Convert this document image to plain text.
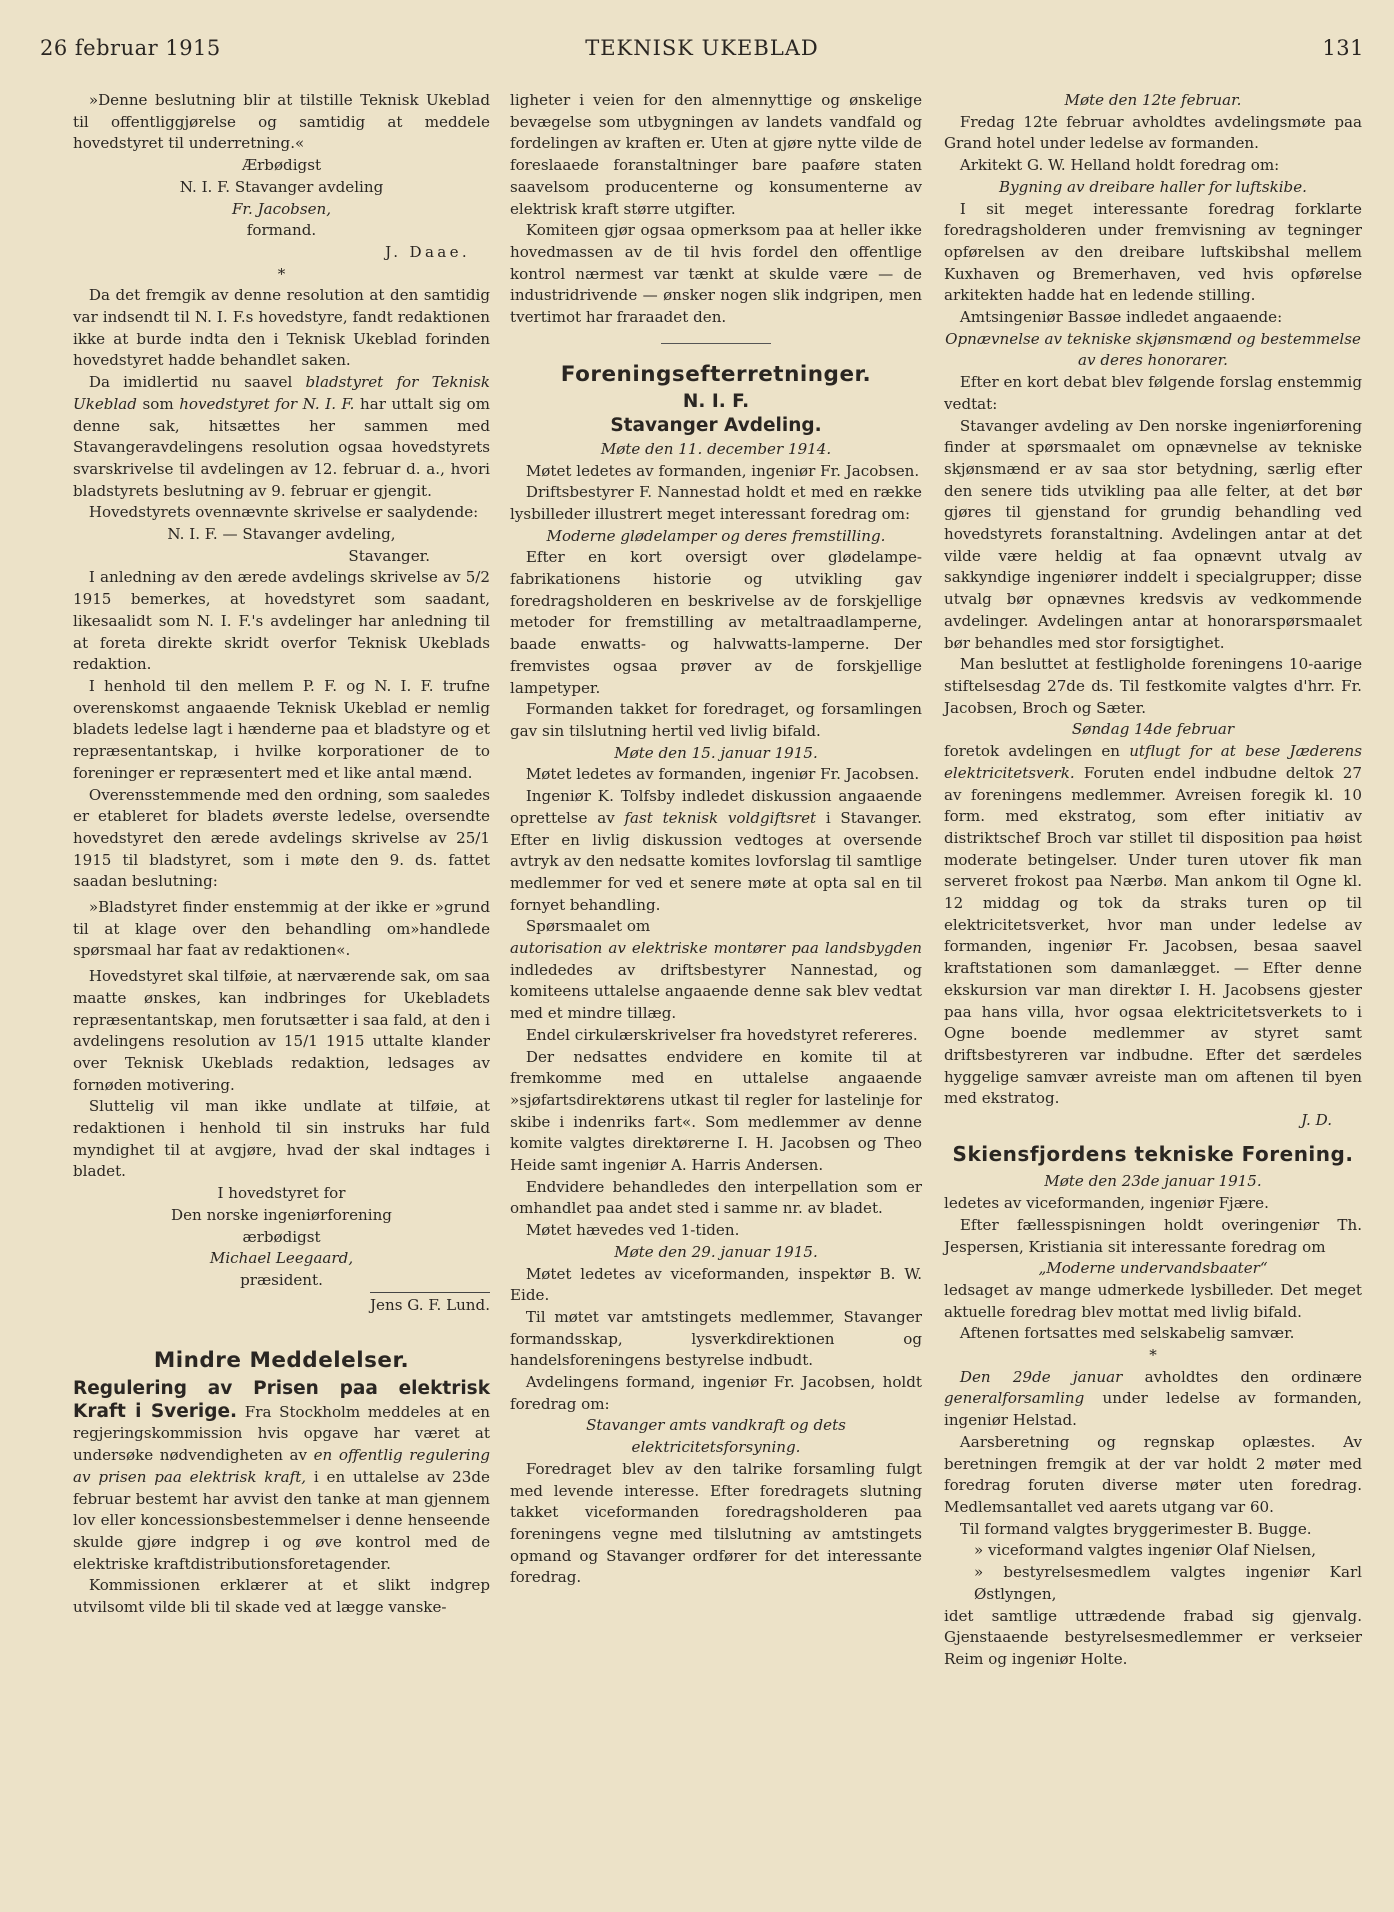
26 februar 1915	TEKNISK UKEBLAD	131

»Denne beslutning blir at tilstille Teknisk Ukeblad til offentliggjørelse og samtidig at meddele hovedstyret til underretning.«

Ærbødigst

N. I. F. Stavanger avdeling

Fr. Jacobsen,

formand.

J. Daae.

*

Da det fremgik av denne resolution at den samtidig var indsendt til N. I. F.s hovedstyre, fandt redaktionen ikke at burde indta den i Teknisk Ukeblad forinden hovedstyret hadde behandlet saken.

Da imidlertid nu saavel bladstyret for Teknisk Ukeblad som hovedstyret for N. I. F. har uttalt sig om denne sak, hitsættes her sammen med Stavangeravdelingens resolution ogsaa hovedstyrets svarskrivelse til avdelingen av 12. februar d. a., hvori bladstyrets beslutning av 9. februar er gjengit.

Hovedstyrets ovennævnte skrivelse er saalydende:

N. I. F. — Stavanger avdeling,

Stavanger.

I anledning av den ærede avdelings skrivelse av 5/2 1915 bemerkes, at hovedstyret som saadant, likesaalidt som N. I. F.'s avdelinger har anledning til at foreta direkte skridt overfor Teknisk Ukeblads redaktion.

I henhold til den mellem P. F. og N. I. F. trufne overenskomst angaaende Teknisk Ukeblad er nemlig bladets ledelse lagt i hænderne paa et bladstyre og et repræsentantskap, i hvilke korporationer de to foreninger er repræsentert med et like antal mænd.

Overensstemmende med den ordning, som saaledes er etableret for bladets øverste ledelse, oversendte hovedstyret den ærede avdelings skrivelse av 25/1 1915 til bladstyret, som i møte den 9. ds. fattet saadan beslutning:

»Bladstyret finder enstemmig at der ikke er »grund til at klage over den behandling om»handlede spørsmaal har faat av redaktionen«.

Hovedstyret skal tilføie, at nærværende sak, om saa maatte ønskes, kan indbringes for Ukebladets repræsentantskap, men forutsætter i saa fald, at den i avdelingens resolution av 15/1 1915 uttalte klander over Teknisk Ukeblads redaktion, ledsages av fornøden motivering.

Sluttelig vil man ikke undlate at tilføie, at redaktionen i henhold til sin instruks har fuld myndighet til at avgjøre, hvad der skal indtages i bladet.

I hovedstyret for

Den norske ingeniørforening

ærbødigst

Michael Leegaard,

præsident.

Jens G. F. Lund.

Mindre Meddelelser.

Regulering av Prisen paa elektrisk Kraft i Sverige. Fra Stockholm meddeles at en regjeringskommission hvis opgave har været at undersøke nødvendigheten av en offentlig regulering av prisen paa elektrisk kraft, i en uttalelse av 23de februar bestemt har avvist den tanke at man gjennem lov eller koncessionsbestemmelser i denne henseende skulde gjøre indgrep i og øve kontrol med de elektriske kraftdistributionsforetagender.

Kommissionen erklærer at et slikt indgrep utvilsomt vilde bli til skade ved at lægge vanske-

ligheter i veien for den almennyttige og ønskelige bevægelse som utbygningen av landets vandfald og fordelingen av kraften er. Uten at gjøre nytte vilde de foreslaaede foranstaltninger bare paaføre staten saavelsom producenterne og konsumenterne av elektrisk kraft større utgifter.

Komiteen gjør ogsaa opmerksom paa at heller ikke hovedmassen av de til hvis fordel den offentlige kontrol nærmest var tænkt at skulde være — de industridrivende — ønsker nogen slik indgripen, men tvertimot har fraraadet den.

Foreningsefterretninger.
N. I. F.
Stavanger Avdeling.

Møte den 11. december 1914.

Møtet ledetes av formanden, ingeniør Fr. Jacobsen.

Driftsbestyrer F. Nannestad holdt et med en række lysbilleder illustrert meget interessant foredrag om:

Moderne glødelamper og deres fremstilling.

Efter en kort oversigt over glødelampe-fabrikationens historie og utvikling gav foredragsholderen en beskrivelse av de forskjellige metoder for fremstilling av metaltraadlamperne, baade enwatts- og halvwatts-lamperne. Der fremvistes ogsaa prøver av de forskjellige lampetyper.

Formanden takket for foredraget, og forsamlingen gav sin tilslutning hertil ved livlig bifald.

Møte den 15. januar 1915.

Møtet ledetes av formanden, ingeniør Fr. Jacobsen.

Ingeniør K. Tolfsby indledet diskussion angaaende oprettelse av fast teknisk voldgiftsret i Stavanger. Efter en livlig diskussion vedtoges at oversende avtryk av den nedsatte komites lovforslag til samtlige medlemmer for ved et senere møte at opta sal en til fornyet behandling.

Spørsmaalet om

autorisation av elektriske montører paa landsbygden indlededes av driftsbestyrer Nannestad, og komiteens uttalelse angaaende denne sak blev vedtat med et mindre tillæg.

Endel cirkulærskrivelser fra hovedstyret refereres.

Der nedsattes endvidere en komite til at fremkomme med en uttalelse angaaende »sjøfartsdirektørens utkast til regler for lastelinje for skibe i indenriks fart«. Som medlemmer av denne komite valgtes direktørerne I. H. Jacobsen og Theo Heide samt ingeniør A. Harris Andersen.

Endvidere behandledes den interpellation som er omhandlet paa andet sted i samme nr. av bladet.

Møtet hævedes ved 1-tiden.

Møte den 29. januar 1915.

Møtet ledetes av viceformanden, inspektør B. W. Eide.

Til møtet var amtstingets medlemmer, Stavanger formandsskap, lysverkdirektionen og handelsforeningens bestyrelse indbudt.

Avdelingens formand, ingeniør Fr. Jacobsen, holdt foredrag om:

Stavanger amts vandkraft og dets

elektricitetsforsyning.

Foredraget blev av den talrike forsamling fulgt med levende interesse. Efter foredragets slutning takket viceformanden foredragsholderen paa foreningens vegne med tilslutning av amtstingets opmand og Stavanger ordfører for det interessante foredrag.

Møte den 12te februar.

Fredag 12te februar avholdtes avdelingsmøte paa Grand hotel under ledelse av formanden.

Arkitekt G. W. Helland holdt foredrag om:

Bygning av dreibare haller for luftskibe.

I sit meget interessante foredrag forklarte foredragsholderen under fremvisning av tegninger opførelsen av den dreibare luftskibshal mellem Kuxhaven og Bremerhaven, ved hvis opførelse arkitekten hadde hat en ledende stilling.

Amtsingeniør Bassøe indledet angaaende:

Opnævnelse av tekniske skjønsmænd og bestemmelse

av deres honorarer.

Efter en kort debat blev følgende forslag enstemmig vedtat:

Stavanger avdeling av Den norske ingeniørforening finder at spørsmaalet om opnævnelse av tekniske skjønsmænd er av saa stor betydning, særlig efter den senere tids utvikling paa alle felter, at det bør gjøres til gjenstand for grundig behandling ved hovedstyrets foranstaltning. Avdelingen antar at det vilde være heldig at faa opnævnt utvalg av sakkyndige ingeniører inddelt i specialgrupper; disse utvalg bør opnævnes kredsvis av vedkommende avdelinger. Avdelingen antar at honorarspørsmaalet bør behandles med stor forsigtighet.

Man besluttet at festligholde foreningens 10-aarige stiftelsesdag 27de ds. Til festkomite valgtes d'hrr. Fr. Jacobsen, Broch og Sæter.

Søndag 14de februar

foretok avdelingen en utflugt for at bese Jæderens elektricitetsverk. Foruten endel indbudne deltok 27 av foreningens medlemmer. Avreisen foregik kl. 10 form. med ekstratog, som efter initiativ av distriktschef Broch var stillet til disposition paa høist moderate betingelser. Under turen utover fik man serveret frokost paa Nærbø. Man ankom til Ogne kl. 12 middag og tok da straks turen op til elektricitetsverket, hvor man under ledelse av formanden, ingeniør Fr. Jacobsen, besaa saavel kraftstationen som damanlægget. — Efter denne ekskursion var man direktør I. H. Jacobsens gjester paa hans villa, hvor ogsaa elektricitetsverkets to i Ogne boende medlemmer av styret samt driftsbestyreren var indbudne. Efter det særdeles hyggelige samvær avreiste man om aftenen til byen med ekstratog.

J. D.

Skiensfjordens tekniske Forening.

Møte den 23de januar 1915.

ledetes av viceformanden, ingeniør Fjære.

Efter fællesspisningen holdt overingeniør Th. Jespersen, Kristiania sit interessante foredrag om

„Moderne undervandsbaater“

ledsaget av mange udmerkede lysbilleder. Det meget aktuelle foredrag blev mottat med livlig bifald.

Aftenen fortsattes med selskabelig samvær.

*

Den 29de januar avholdtes den ordinære generalforsamling under ledelse av formanden, ingeniør Helstad.

Aarsberetning og regnskap oplæstes. Av beretningen fremgik at der var holdt 2 møter med foredrag foruten diverse møter uten foredrag. Medlemsantallet ved aarets utgang var 60.

Til formand valgtes bryggerimester B. Bugge.

» viceformand valgtes ingeniør Olaf Nielsen,

» bestyrelsesmedlem valgtes ingeniør Karl Østlyngen,

idet samtlige uttrædende frabad sig gjenvalg. Gjenstaaende bestyrelsesmedlemmer er verkseier Reim og ingeniør Holte.
